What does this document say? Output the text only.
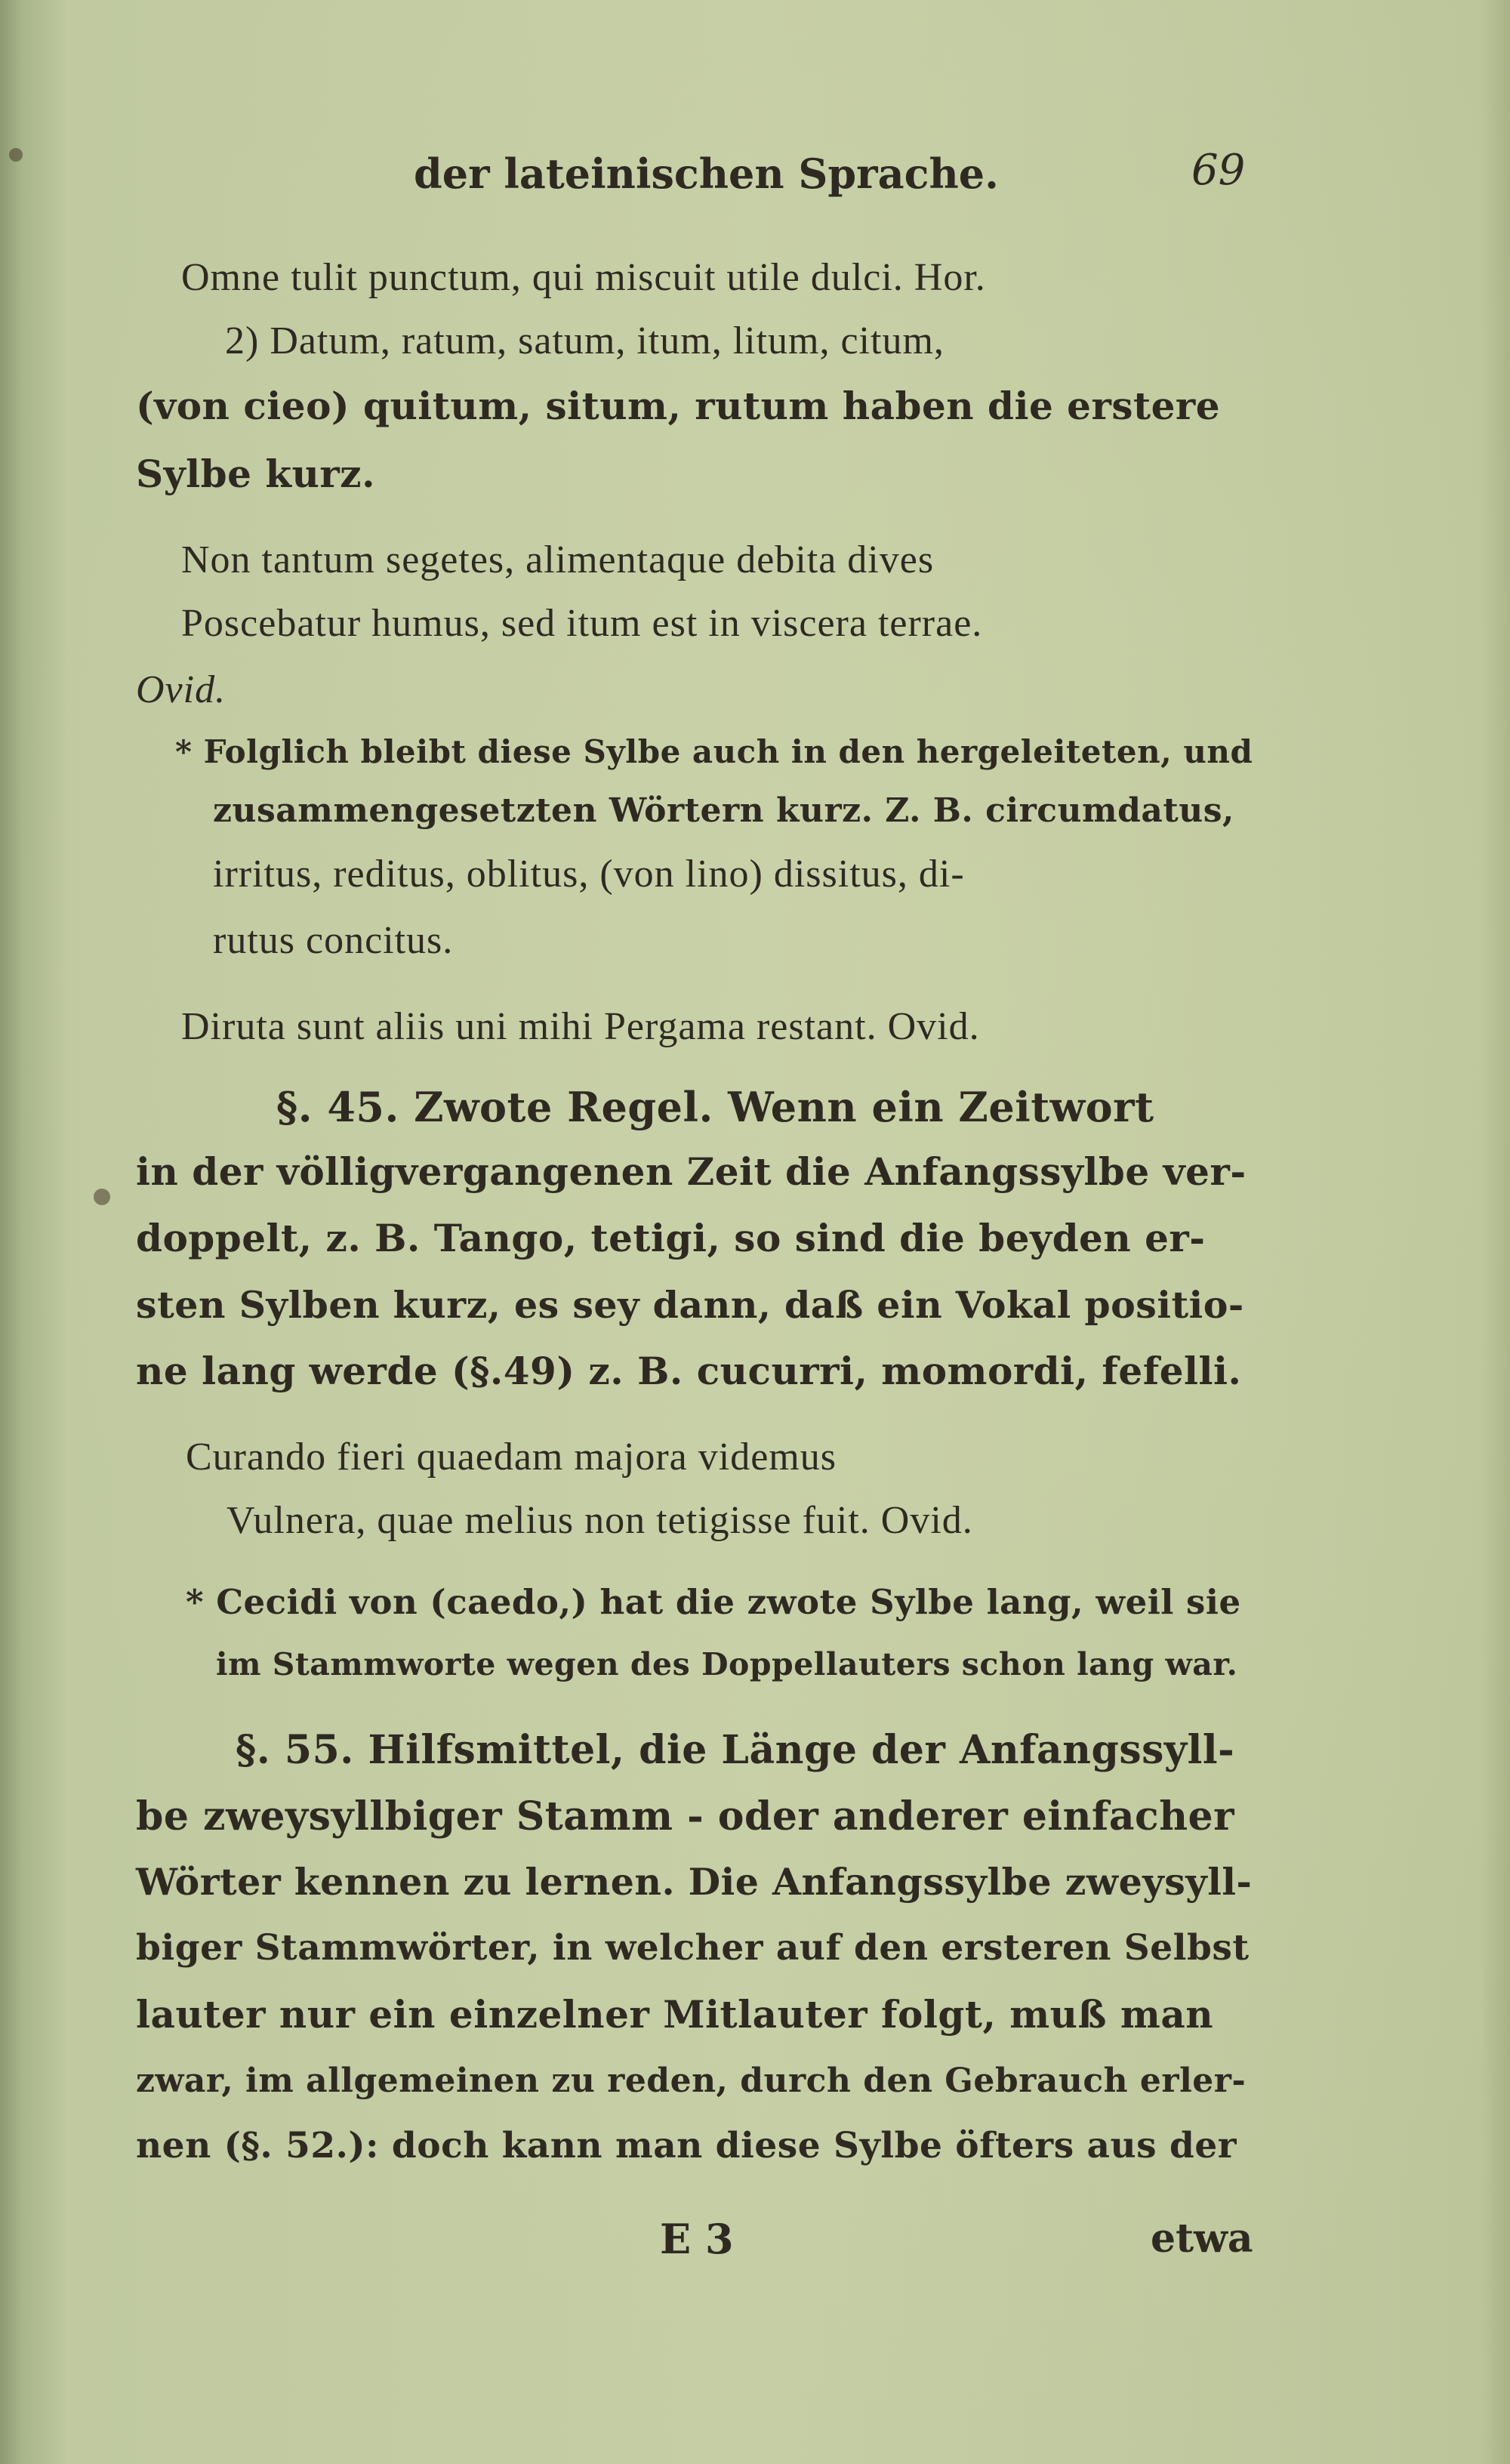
der lateinischen Sprache.	69
Omne tulit punctum, qui miscuit utile dulci. Hor.
2) Datum, ratum, satum, itum, litum, citum,
(von cieo) quitum, situm, rutum haben die erstere
Sylbe kurz.
Non tantum segetes, alimentaque debita dives
Poscebatur humus, sed itum est in viscera terrae.
Ovid.
* Folglich bleibt diese Sylbe auch in den hergeleiteten, und
zusammengesetzten Wörtern kurz. Z. B. circumdatus,
irritus, reditus, oblitus, (von lino) dissitus, di-
rutus concitus.
Diruta sunt aliis uni mihi Pergama restant. Ovid.
§. 45. Zwote Regel. Wenn ein Zeitwort
in der völligvergangenen Zeit die Anfangssylbe ver-
doppelt, z. B. Tango, tetigi, so sind die beyden er-
sten Sylben kurz, es sey dann, daß ein Vokal positio-
ne lang werde (§.49) z. B. cucurri, momordi, fefelli.
Curando fieri quaedam majora videmus
Vulnera, quae melius non tetigisse fuit. Ovid.
* Cecidi von (caedo,) hat die zwote Sylbe lang, weil sie
im Stammworte wegen des Doppellauters schon lang war.
§. 55. Hilfsmittel, die Länge der Anfangssyll-
be zweysyllbiger Stamm - oder anderer einfacher
Wörter kennen zu lernen. Die Anfangssylbe zweysyll-
biger Stammwörter, in welcher auf den ersteren Selbst
lauter nur ein einzelner Mitlauter folgt, muß man
zwar, im allgemeinen zu reden, durch den Gebrauch erler-
nen (§. 52.): doch kann man diese Sylbe öfters aus der
E 3	etwa
